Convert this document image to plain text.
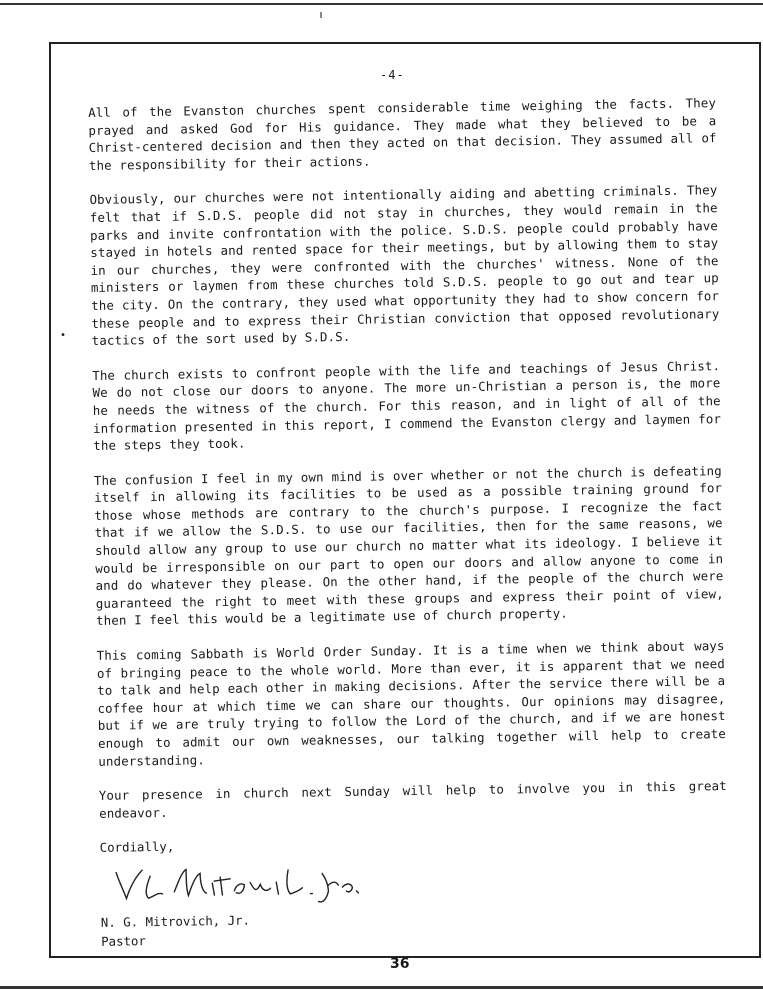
-4-
•

All of the Evanston churches spent considerable time weighing the facts. They prayed and asked God for His guidance. They made what they believed to be a Christ-centered decision and then they acted on that decision. They assumed all of the responsibility for their actions.

Obviously, our churches were not intentionally aiding and abetting criminals. They felt that if S.D.S. people did not stay in churches, they would remain in the parks and invite confrontation with the police. S.D.S. people could probably have stayed in hotels and rented space for their meetings, but by allowing them to stay in our churches, they were confronted with the churches' witness. None of the ministers or laymen from these churches told S.D.S. people to go out and tear up the city. On the contrary, they used what opportunity they had to show concern for these people and to express their Christian conviction that opposed revolutionary tactics of the sort used by S.D.S.

The church exists to confront people with the life and teachings of Jesus Christ. We do not close our doors to anyone. The more un-Christian a person is, the more he needs the witness of the church. For this reason, and in light of all of the information presented in this report, I commend the Evanston clergy and laymen for the steps they took.

The confusion I feel in my own mind is over whether or not the church is defeating itself in allowing its facilities to be used as a possible training ground for those whose methods are contrary to the church's purpose. I recognize the fact that if we allow the S.D.S. to use our facilities, then for the same reasons, we should allow any group to use our church no matter what its ideology. I believe it would be irresponsible on our part to open our doors and allow anyone to come in and do whatever they please. On the other hand, if the people of the church were guaranteed the right to meet with these groups and express their point of view, then I feel this would be a legitimate use of church property.

This coming Sabbath is World Order Sunday. It is a time when we think about ways of bringing peace to the whole world. More than ever, it is apparent that we need to talk and help each other in making decisions. After the service there will be a coffee hour at which time we can share our thoughts. Our opinions may disagree, but if we are truly trying to follow the Lord of the church, and if we are honest enough to admit our own weaknesses, our talking together will help to create understanding.

Your presence in church next Sunday will help to involve you in this great endeavor.

Cordially,

N. G. Mitrovich, Jr.

Pastor

36
